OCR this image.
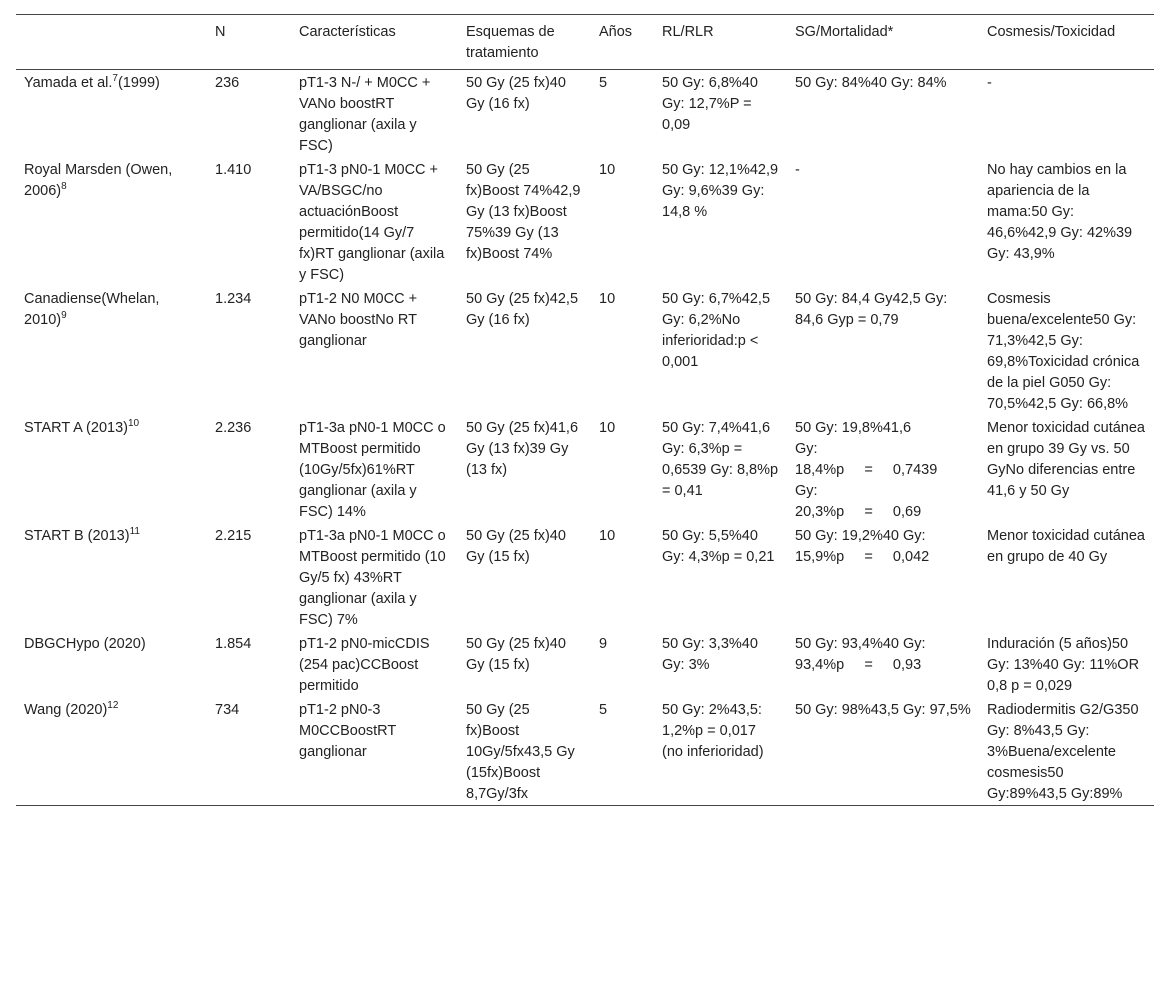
	N	Características	Esquemas de tratamiento	Años	RL/RLR	SG/Mortalidad*	Cosmesis/Toxicidad
Yamada et al.$^7$(1999)	236	pT1-3 N-/ + M0CC + VANo boostRT ganglionar (axila y FSC)	50 Gy (25 fx)40 Gy (16 fx)	5	50 Gy: 6,8%40 Gy: 12,7%P = 0,09	50 Gy: 84%40 Gy: 84%	-
Royal Marsden (Owen, 2006)$^8$	1.410	pT1-3 pN0-1 M0CC + VA/BSGC/no actuaciónBoost permitido(14 Gy/7 fx)RT ganglionar (axila y FSC)	50 Gy (25 fx)Boost 74%42,9 Gy (13 fx)Boost 75%39 Gy (13 fx)Boost 74%	10	50 Gy: 12,1%42,9 Gy: 9,6%39 Gy: 14,8 %	-	No hay cambios en la apariencia de la mama:50 Gy: 46,6%42,9 Gy: 42%39 Gy: 43,9%
Canadiense(Whelan, 2010)$^9$	1.234	pT1-2 N0 M0CC + VANo boostNo RT ganglionar	50 Gy (25 fx)42,5 Gy (16 fx)	10	50 Gy: 6,7%42,5 Gy: 6,2%No inferioridad:p < 0,001	50 Gy: 84,4 Gy42,5 Gy: 84,6 Gyp = 0,79	Cosmesis buena/excelente50 Gy: 71,3%42,5 Gy: 69,8%Toxicidad crónica de la piel G050 Gy: 70,5%42,5 Gy: 66,8%
START A $(2013)^{10}$	2.236	pT1-3a pN0-1 M0CC o MTBoost permitido (10Gy/5fx)61%RT ganglionar (axila y FSC) 14%	50 Gy (25 fx)41,6 Gy (13 fx)39 Gy (13 fx)	10	50 Gy: 7,4%41,6 Gy: 6,3%p = 0,6539 Gy: 8,8%p = 0,41	50 Gy: 19,8%41,6
Gy:
18,4%p     =     0,7439
Gy:
20,3%p     =     0,69	Menor toxicidad cutánea en grupo 39 Gy vs. 50 GyNo diferencias entre 41,6 y 50 Gy
START B $(2013)^{11}$	2.215	pT1-3a pN0-1 M0CC o MTBoost permitido (10 Gy/5 fx) 43%RT ganglionar (axila y FSC) 7%	50 Gy (25 fx)40 Gy (15 fx)	10	50 Gy: 5,5%40 Gy: 4,3%p = 0,21	50 Gy: 19,2%40 Gy:
15,9%p     =     0,042	Menor toxicidad cutánea en grupo de 40 Gy
DBGCHypo (2020)	1.854	pT1-2 pN0-micCDIS (254 pac)CCBoost permitido	50 Gy (25 fx)40 Gy (15 fx)	9	50 Gy: 3,3%40 Gy: 3%	50 Gy: 93,4%40 Gy:
93,4%p     =     0,93	Induración (5 años)50 Gy: 13%40 Gy: 11%OR 0,8 p = 0,029
Wang $(2020)^{12}$	734	pT1-2 pN0-3 M0CCBoostRT ganglionar	50 Gy (25 fx)Boost 10Gy/5fx43,5 Gy (15fx)Boost 8,7Gy/3fx	5	50 Gy: 2%43,5: 1,2%p = 0,017 (no inferioridad)	50 Gy: 98%43,5 Gy: 97,5%	Radiodermitis G2/G350 Gy: 8%43,5 Gy: 3%Buena/excelente cosmesis50 Gy:89%43,5 Gy:89%
